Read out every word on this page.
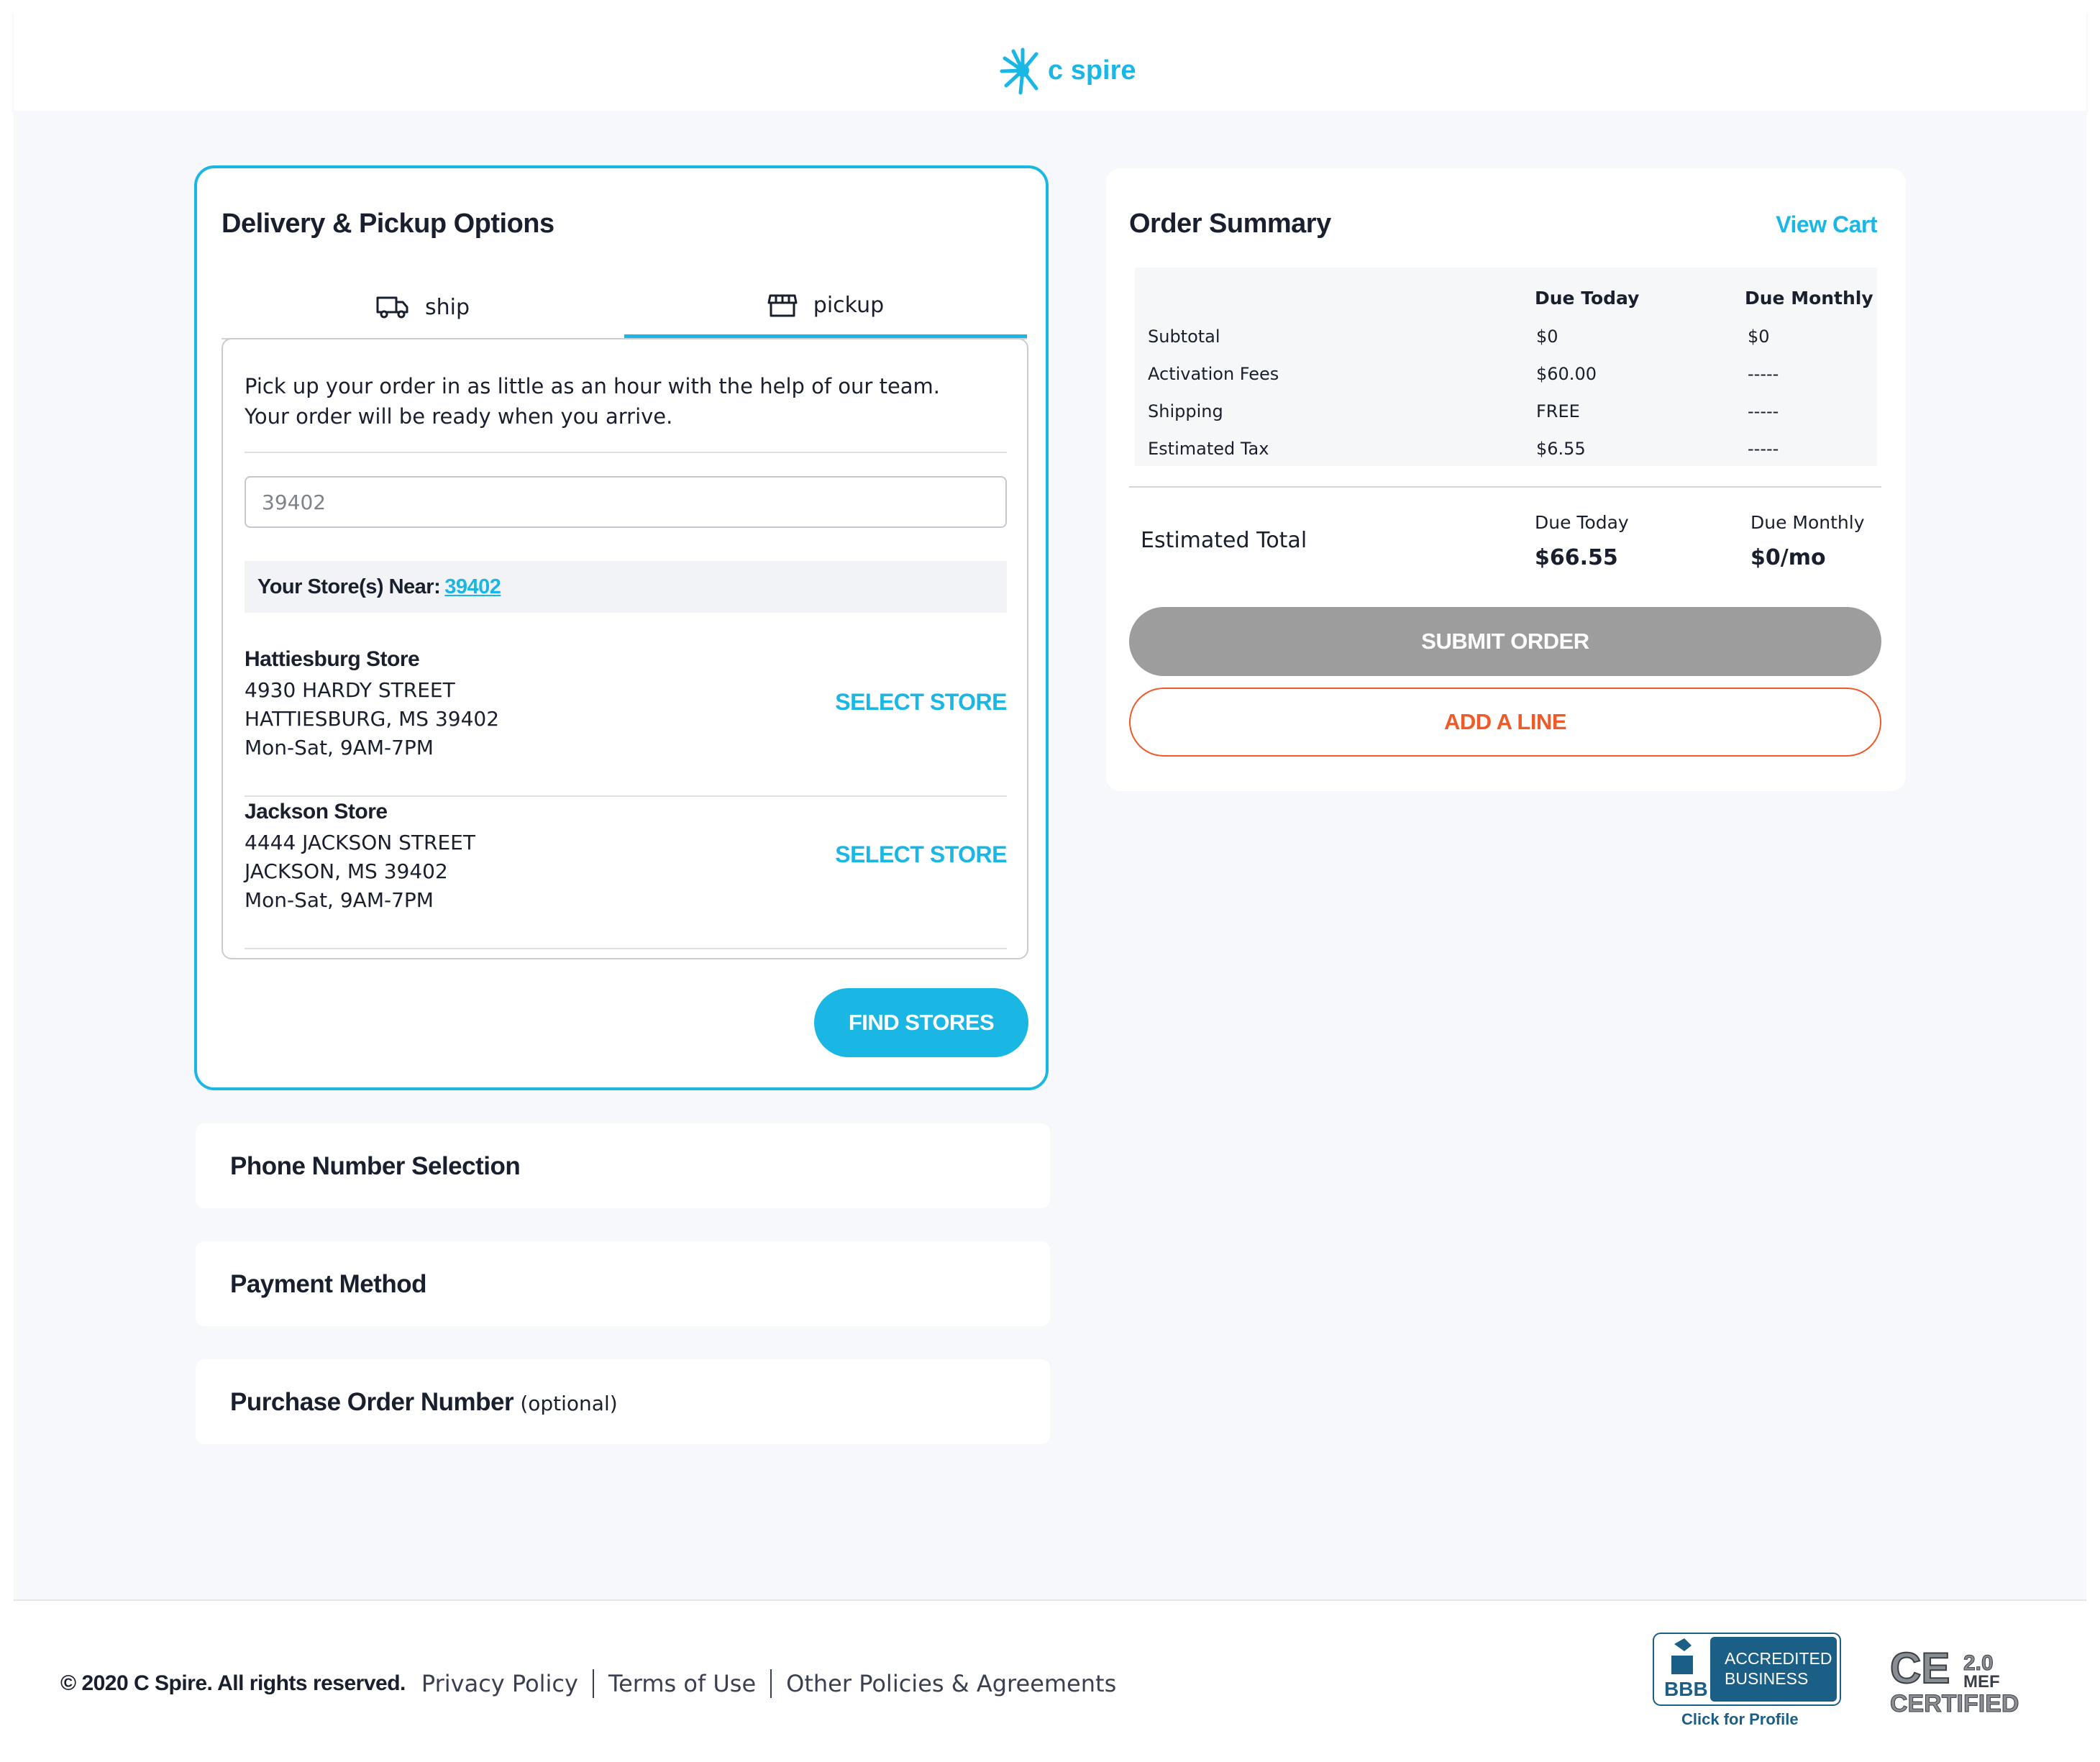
c spire
Delivery & Pickup Options
ship	pickup
Pick up your order in as little as an hour with the help of our team. Your order will be ready when you arrive.
39402
Your Store(s) Near: 39402
Hattiesburg Store
4930 HARDY STREET
HATTIESBURG, MS 39402
Mon-Sat, 9AM-7PM
SELECT STORE
Jackson Store
4444 JACKSON STREET
JACKSON, MS 39402
Mon-Sat, 9AM-7PM
SELECT STORE
FIND STORES
Phone Number Selection
Payment Method
Purchase Order Number (optional)
Order Summary	View Cart
Due Today	Due Monthly
Subtotal	$0	$0
Activation Fees	$60.00	-----
Shipping	FREE	-----
Estimated Tax	$6.55	-----
Estimated Total
Due Today	Due Monthly
$66.55	$0/mo
SUBMIT ORDER
ADD A LINE
© 2020 C Spire. All rights reserved. Privacy Policy Terms of Use Other Policies & Agreements	BBB
ACCREDITED
BUSINESS
Click for Profile
CE 2.0
MEF
CERTIFIED
